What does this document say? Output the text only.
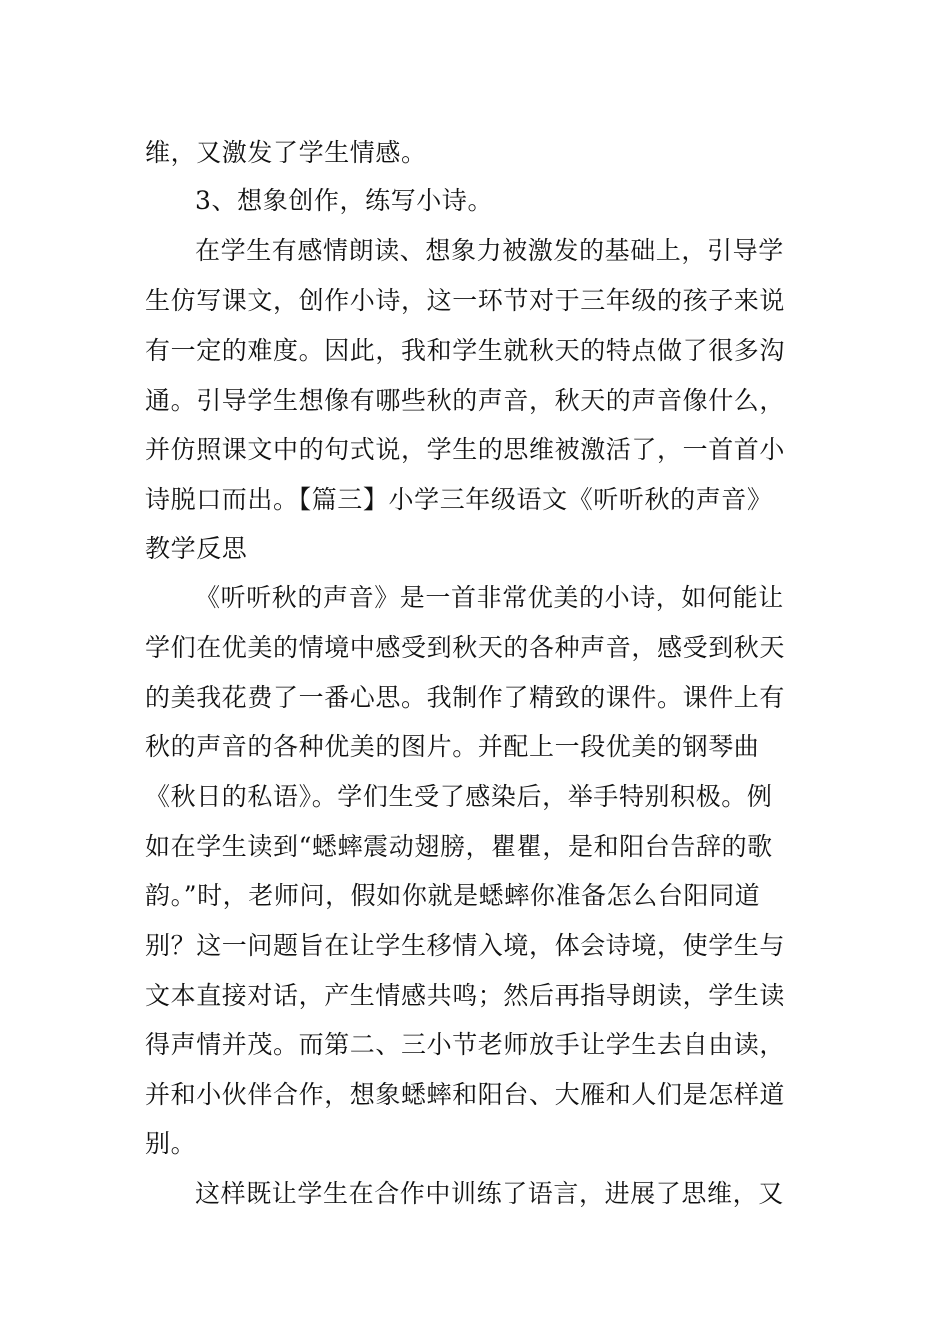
维，又激发了学生情感。
3、想象创作，练写小诗。
在学生有感情朗读、想象力被激发的基础上，引导学
生仿写课文，创作小诗，这一环节对于三年级的孩子来说
有一定的难度。因此，我和学生就秋天的特点做了很多沟
通。引导学生想像有哪些秋的声音，秋天的声音像什么，
并仿照课文中的句式说，学生的思维被激活了，一首首小
诗脱口而出。【篇三】小学三年级语文《听听秋的声音》
教学反思
《听听秋的声音》是一首非常优美的小诗，如何能让
学们在优美的情境中感受到秋天的各种声音，感受到秋天
的美我花费了一番心思。我制作了精致的课件。课件上有
秋的声音的各种优美的图片。并配上一段优美的钢琴曲
《秋日的私语》。学们生受了感染后，举手特别积极。例
如在学生读到“蟋蟀震动翅膀，瞿瞿，是和阳台告辞的歌
韵。”时，老师问，假如你就是蟋蟀你准备怎么台阳同道
别？这一问题旨在让学生移情入境，体会诗境，使学生与
文本直接对话，产生情感共鸣；然后再指导朗读，学生读
得声情并茂。而第二、三小节老师放手让学生去自由读，
并和小伙伴合作，想象蟋蟀和阳台、大雁和人们是怎样道
别。
这样既让学生在合作中训练了语言，进展了思维，又
